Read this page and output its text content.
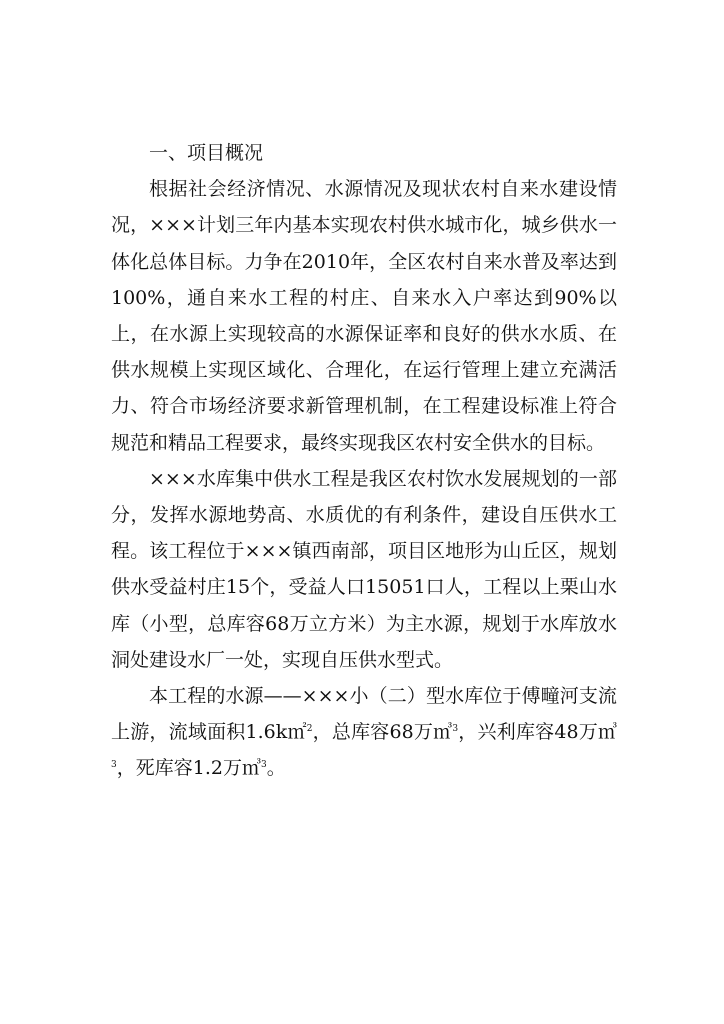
一、项目概况

根据社会经济情况、水源情况及现状农村自来水建设情况，×××计划三年内基本实现农村供水城市化，城乡供水一体化总体目标。力争在2010年，全区农村自来水普及率达到100%，通自来水工程的村庄、自来水入户率达到90%以上，在水源上实现较高的水源保证率和良好的供水水质、在供水规模上实现区域化、合理化，在运行管理上建立充满活力、符合市场经济要求新管理机制，在工程建设标准上符合规范和精品工程要求，最终实现我区农村安全供水的目标。

×××水库集中供水工程是我区农村饮水发展规划的一部分，发挥水源地势高、水质优的有利条件，建设自压供水工程。该工程位于×××镇西南部，项目区地形为山丘区，规划供水受益村庄15个，受益人口15051口人，工程以上栗山水库（小型，总库容68万立方米）为主水源，规划于水库放水洞处建设水厂一处，实现自压供水型式。

本工程的水源——×××小（二）型水库位于傅疃河支流上游，流域面积1.6k㎡$^2$，总库容68万㎥$^3$，兴利库容48万㎥$^3$，死库容1.2万㎥$^3$。
